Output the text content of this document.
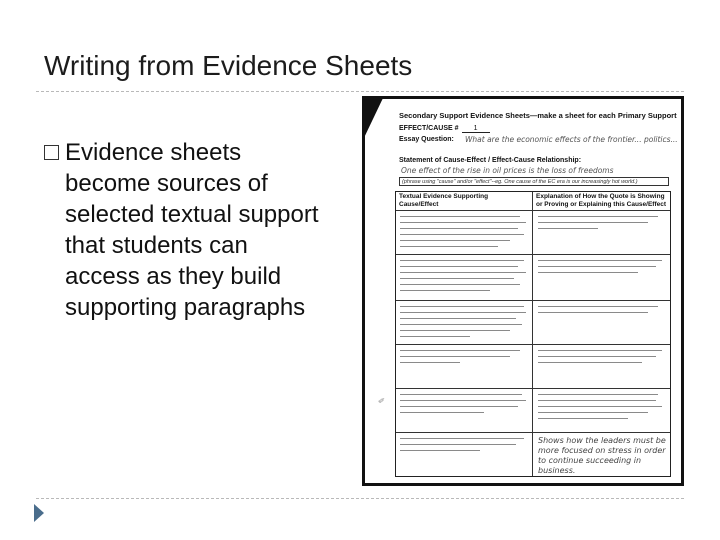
Writing from Evidence Sheets
Evidence sheets
become sources of
selected textual support
that students can
access as they build
supporting paragraphs
Secondary Support Evidence Sheets—make a sheet for each Primary Support
EFFECT/CAUSE # 1
Essay Question: What are the economic effects of the frontier... politics...
Statement of Cause-Effect / Effect-Cause Relationship:
One effect of the rise in oil prices is the loss of freedoms
(phrase using "cause" and/or "effect"--eg. One cause of the EC era is our increasingly hot world.)
Textual Evidence Supporting Cause/Effect
Explanation of How the Quote is Showing or Proving or Explaining this Cause/Effect
Shows how the leaders must be more focused on stress in order to continue succeeding in business.
✎
